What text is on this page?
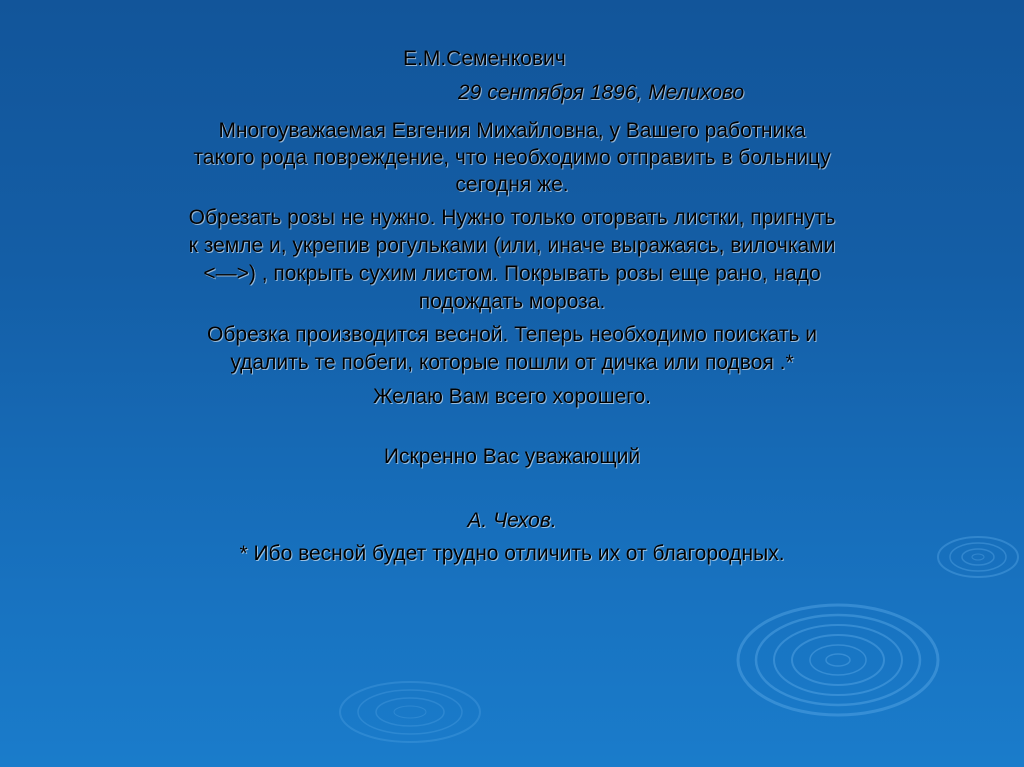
Е.М.Семенкович
29 сентября 1896, Мелихово
Многоуважаемая Евгения Михайловна, у Вашего работника
такого рода повреждение, что необходимо отправить в больницу
сегодня же.
Обрезать розы не нужно. Нужно только оторвать листки, пригнуть
к земле и, укрепив рогульками (или, иначе выражаясь, вилочками
<—>) , покрыть сухим листом. Покрывать розы еще рано, надо
подождать мороза.
Обрезка производится весной. Теперь необходимо поискать и
удалить те побеги, которые пошли от дичка или подвоя .*
Желаю Вам всего хорошего.
Искренно Вас уважающий
А. Чехов.
* Ибо весной будет трудно отличить их от благородных.
